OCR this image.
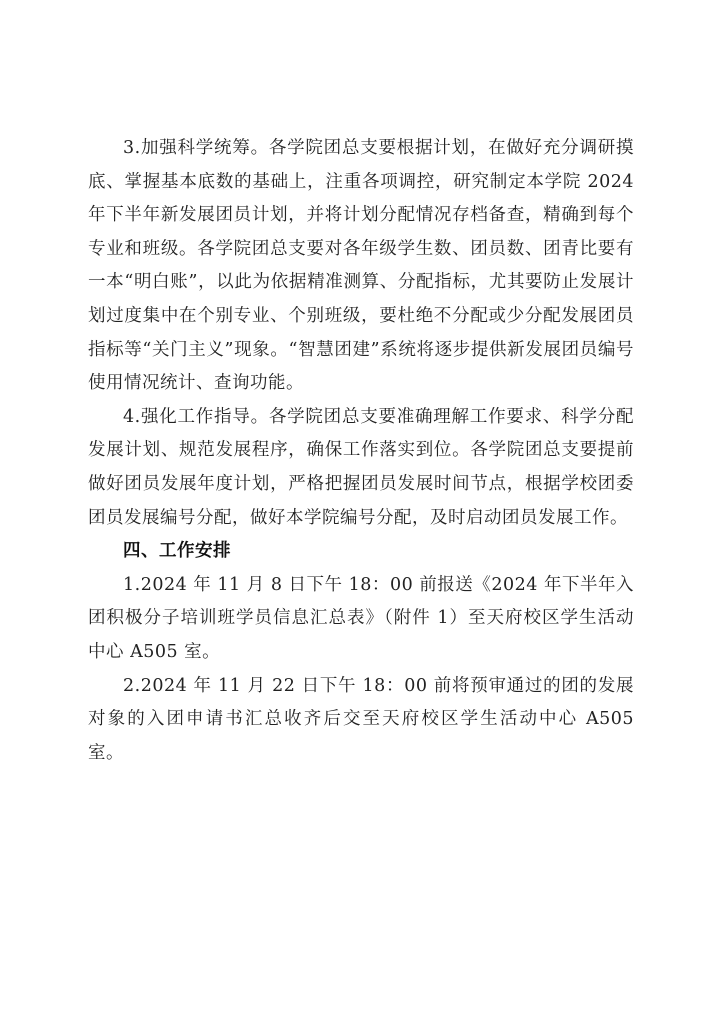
3.加强科学统筹。各学院团总支要根据计划，在做好充分调研摸底、掌握基本底数的基础上，注重各项调控，研究制定本学院 2024 年下半年新发展团员计划，并将计划分配情况存档备查，精确到每个专业和班级。各学院团总支要对各年级学生数、团员数、团青比要有一本“明白账”，以此为依据精准测算、分配指标，尤其要防止发展计划过度集中在个别专业、个别班级，要杜绝不分配或少分配发展团员指标等“关门主义”现象。“智慧团建”系统将逐步提供新发展团员编号使用情况统计、查询功能。

4.强化工作指导。各学院团总支要准确理解工作要求、科学分配发展计划、规范发展程序，确保工作落实到位。各学院团总支要提前做好团员发展年度计划，严格把握团员发展时间节点，根据学校团委团员发展编号分配，做好本学院编号分配，及时启动团员发展工作。

四、工作安排

1.2024 年 11 月 8 日下午 18：00 前报送《2024 年下半年入团积极分子培训班学员信息汇总表》（附件 1）至天府校区学生活动中心 A505 室。

2.2024 年 11 月 22 日下午 18：00 前将预审通过的团的发展对象的入团申请书汇总收齐后交至天府校区学生活动中心 A505 室。
